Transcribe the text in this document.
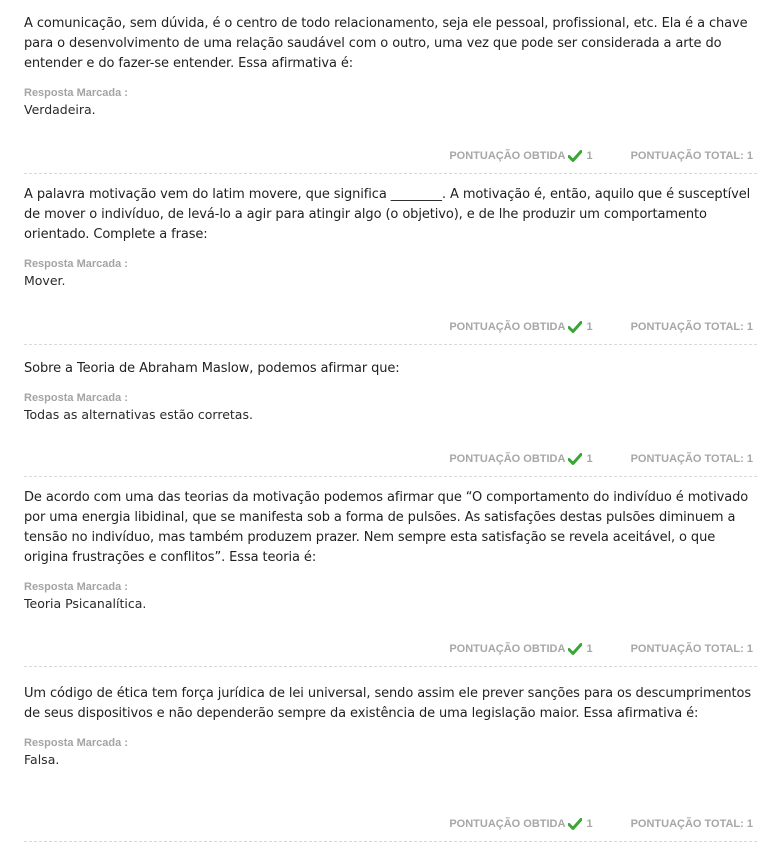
A comunicação, sem dúvida, é o centro de todo relacionamento, seja ele pessoal, profissional, etc. Ela é a chave para o desenvolvimento de uma relação saudável com o outro, uma vez que pode ser considerada a arte do entender e do fazer-se entender. Essa afirmativa é:

Resposta Marcada :
Verdadeira.
PONTUAÇÃO OBTIDA 1	PONTUAÇÃO TOTAL: 1

A palavra motivação vem do latim movere, que significa ________. A motivação é, então, aquilo que é susceptível de mover o indivíduo, de levá-lo a agir para atingir algo (o objetivo), e de lhe produzir um comportamento orientado. Complete a frase:

Resposta Marcada :
Mover.
PONTUAÇÃO OBTIDA 1	PONTUAÇÃO TOTAL: 1

Sobre a Teoria de Abraham Maslow, podemos afirmar que:

Resposta Marcada :
Todas as alternativas estão corretas.
PONTUAÇÃO OBTIDA 1	PONTUAÇÃO TOTAL: 1

De acordo com uma das teorias da motivação podemos afirmar que “O comportamento do indivíduo é motivado por uma energia libidinal, que se manifesta sob a forma de pulsões. As satisfações destas pulsões diminuem a tensão no indivíduo, mas também produzem prazer. Nem sempre esta satisfação se revela aceitável, o que origina frustrações e conflitos”. Essa teoria é:

Resposta Marcada :
Teoria Psicanalítica.
PONTUAÇÃO OBTIDA 1	PONTUAÇÃO TOTAL: 1

Um código de ética tem força jurídica de lei universal, sendo assim ele prever sanções para os descumprimentos de seus dispositivos e não dependerão sempre da existência de uma legislação maior. Essa afirmativa é:

Resposta Marcada :
Falsa.
PONTUAÇÃO OBTIDA 1	PONTUAÇÃO TOTAL: 1
